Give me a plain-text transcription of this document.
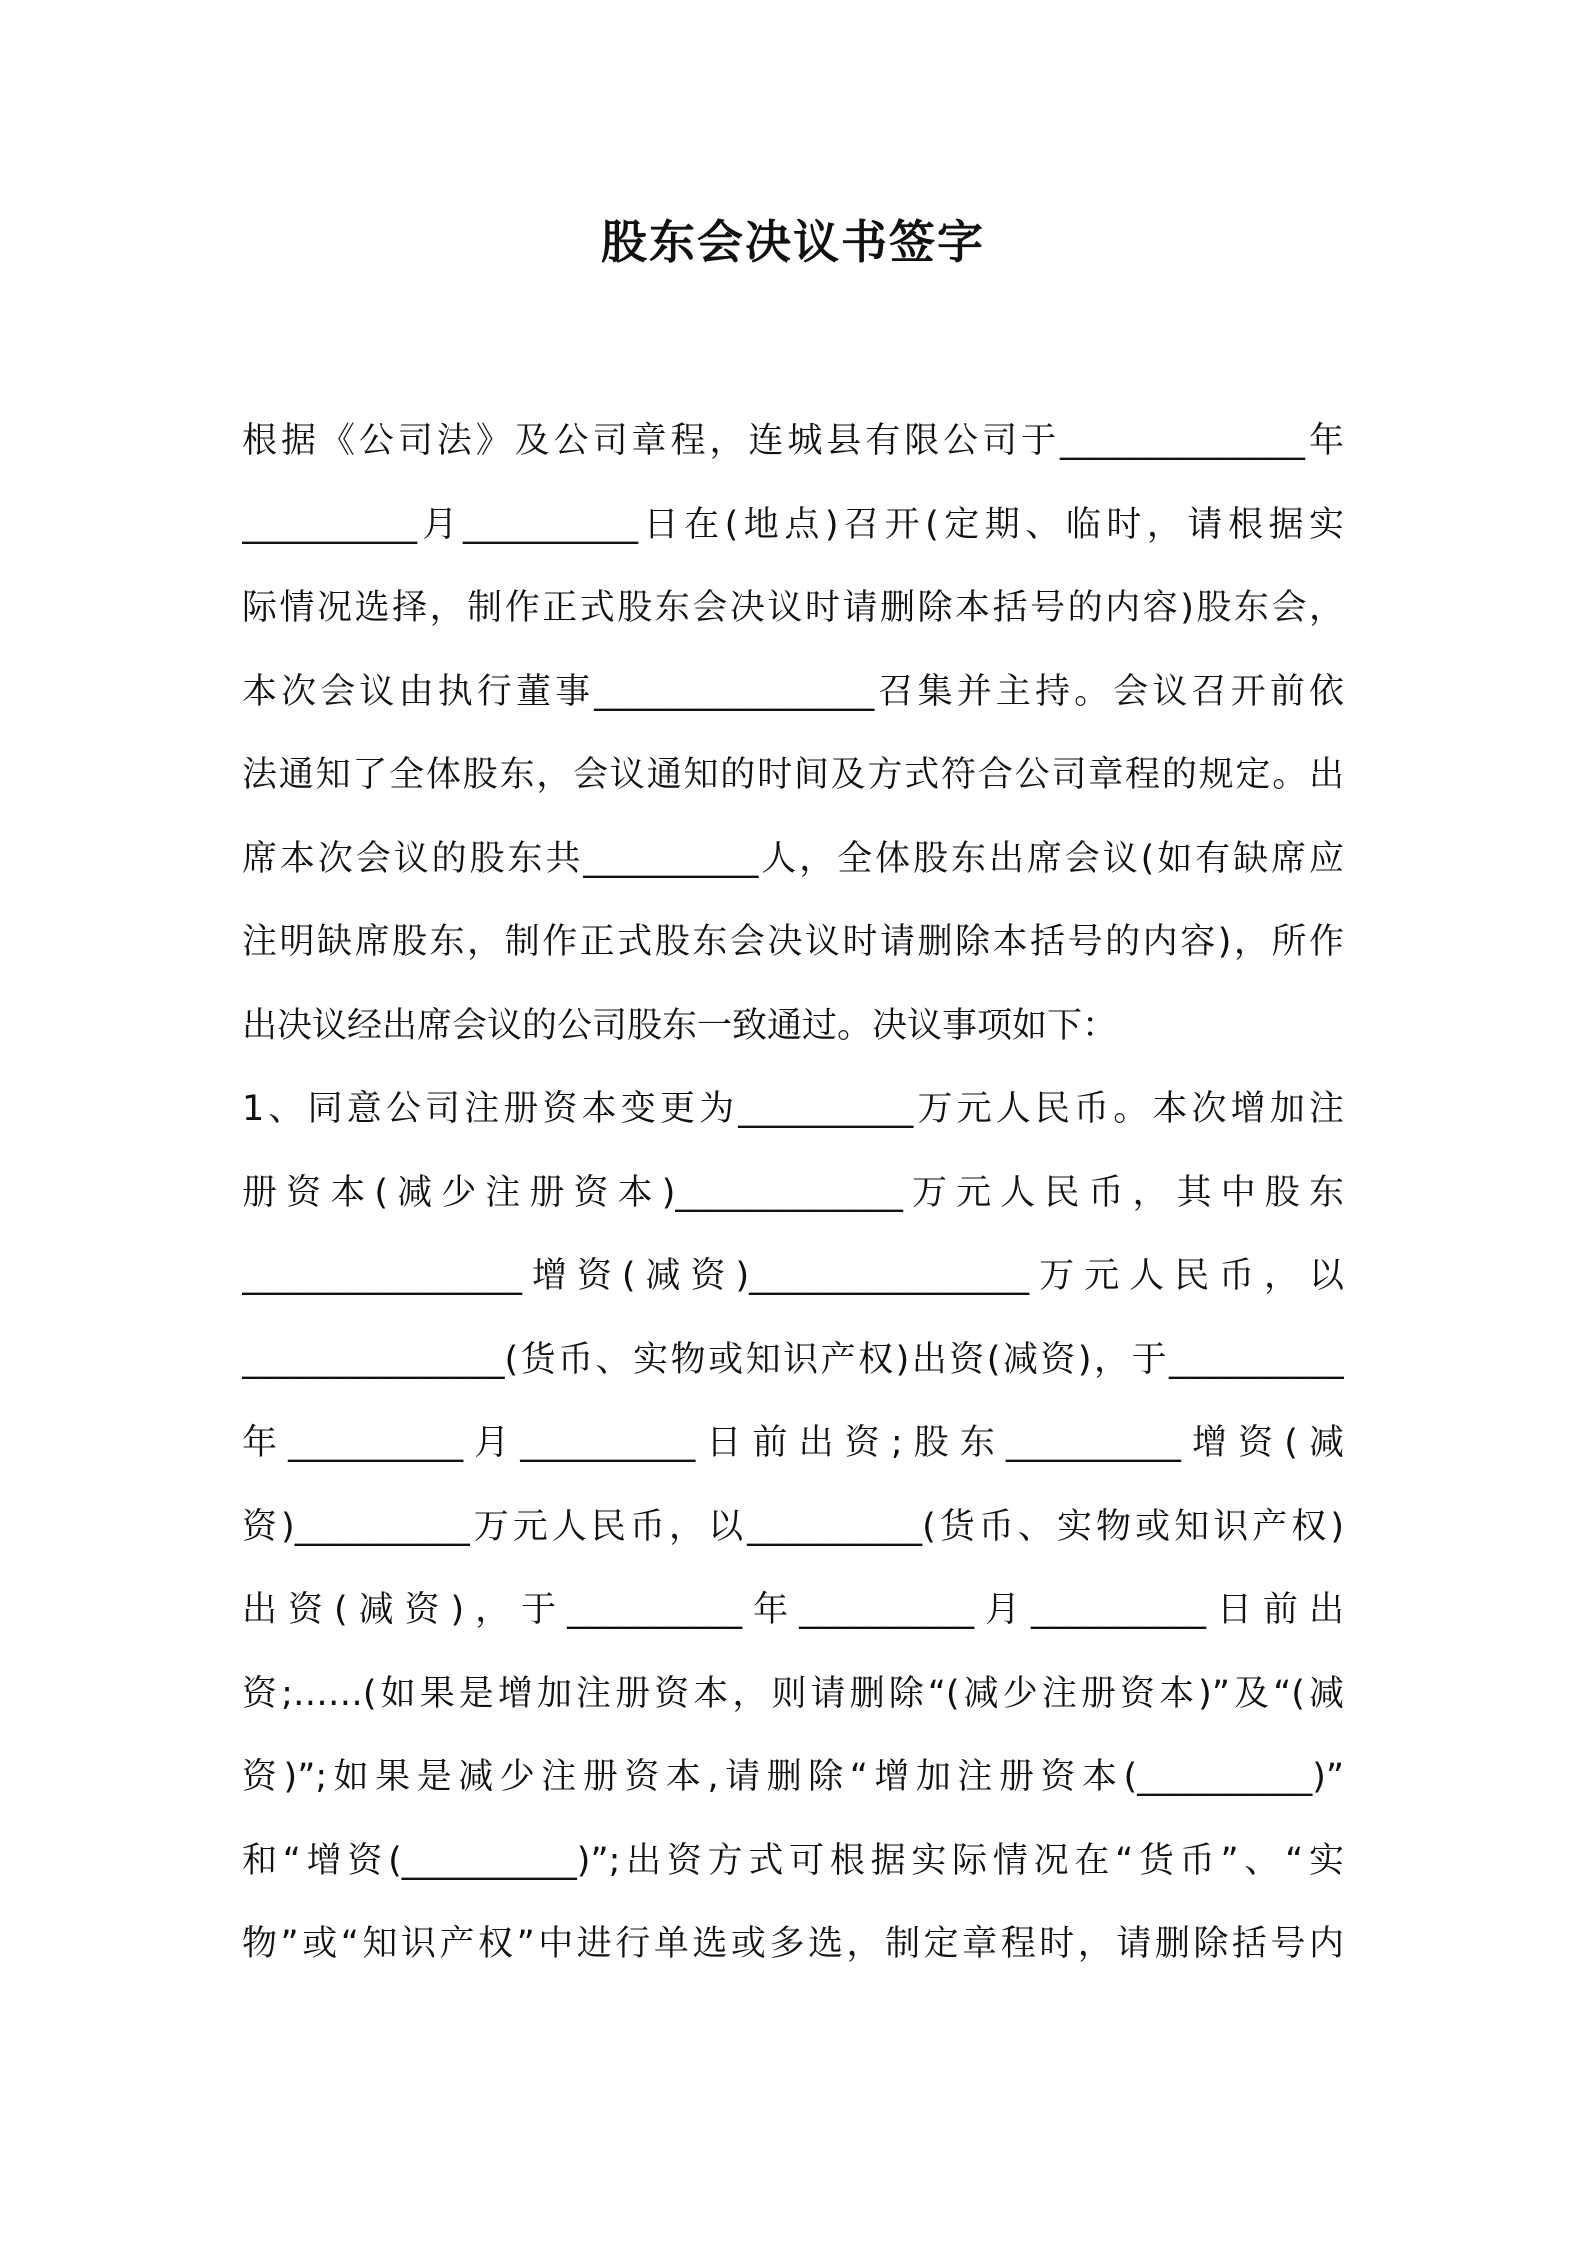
股东会决议书签字
根据《公司法》及公司章程，连城县有限公司于______________年
__________月__________日在(地点)召开(定期、临时，请根据实
际情况选择，制作正式股东会决议时请删除本括号的内容)股东会，
本次会议由执行董事________________召集并主持。会议召开前依
法通知了全体股东，会议通知的时间及方式符合公司章程的规定。出
席本次会议的股东共__________人，全体股东出席会议(如有缺席应
注明缺席股东，制作正式股东会决议时请删除本括号的内容)，所作
出决议经出席会议的公司股东一致通过。决议事项如下：
1、同意公司注册资本变更为__________万元人民币。本次增加注
册资本(减少注册资本)_____________万元人民币，其中股东
________________增资(减资)________________万元人民币，以
_______________(货币、实物或知识产权)出资(减资)，于__________
年__________月__________日前出资;股东__________增资(减
资)__________万元人民币，以__________(货币、实物或知识产权)
出资(减资)，于__________年__________月__________日前出
资;……(如果是增加注册资本，则请删除“(减少注册资本)”及“(减
资)”;如果是减少注册资本,请删除“增加注册资本(__________)”
和“增资(__________)”;出资方式可根据实际情况在“货币”、“实
物”或“知识产权”中进行单选或多选，制定章程时，请删除括号内
